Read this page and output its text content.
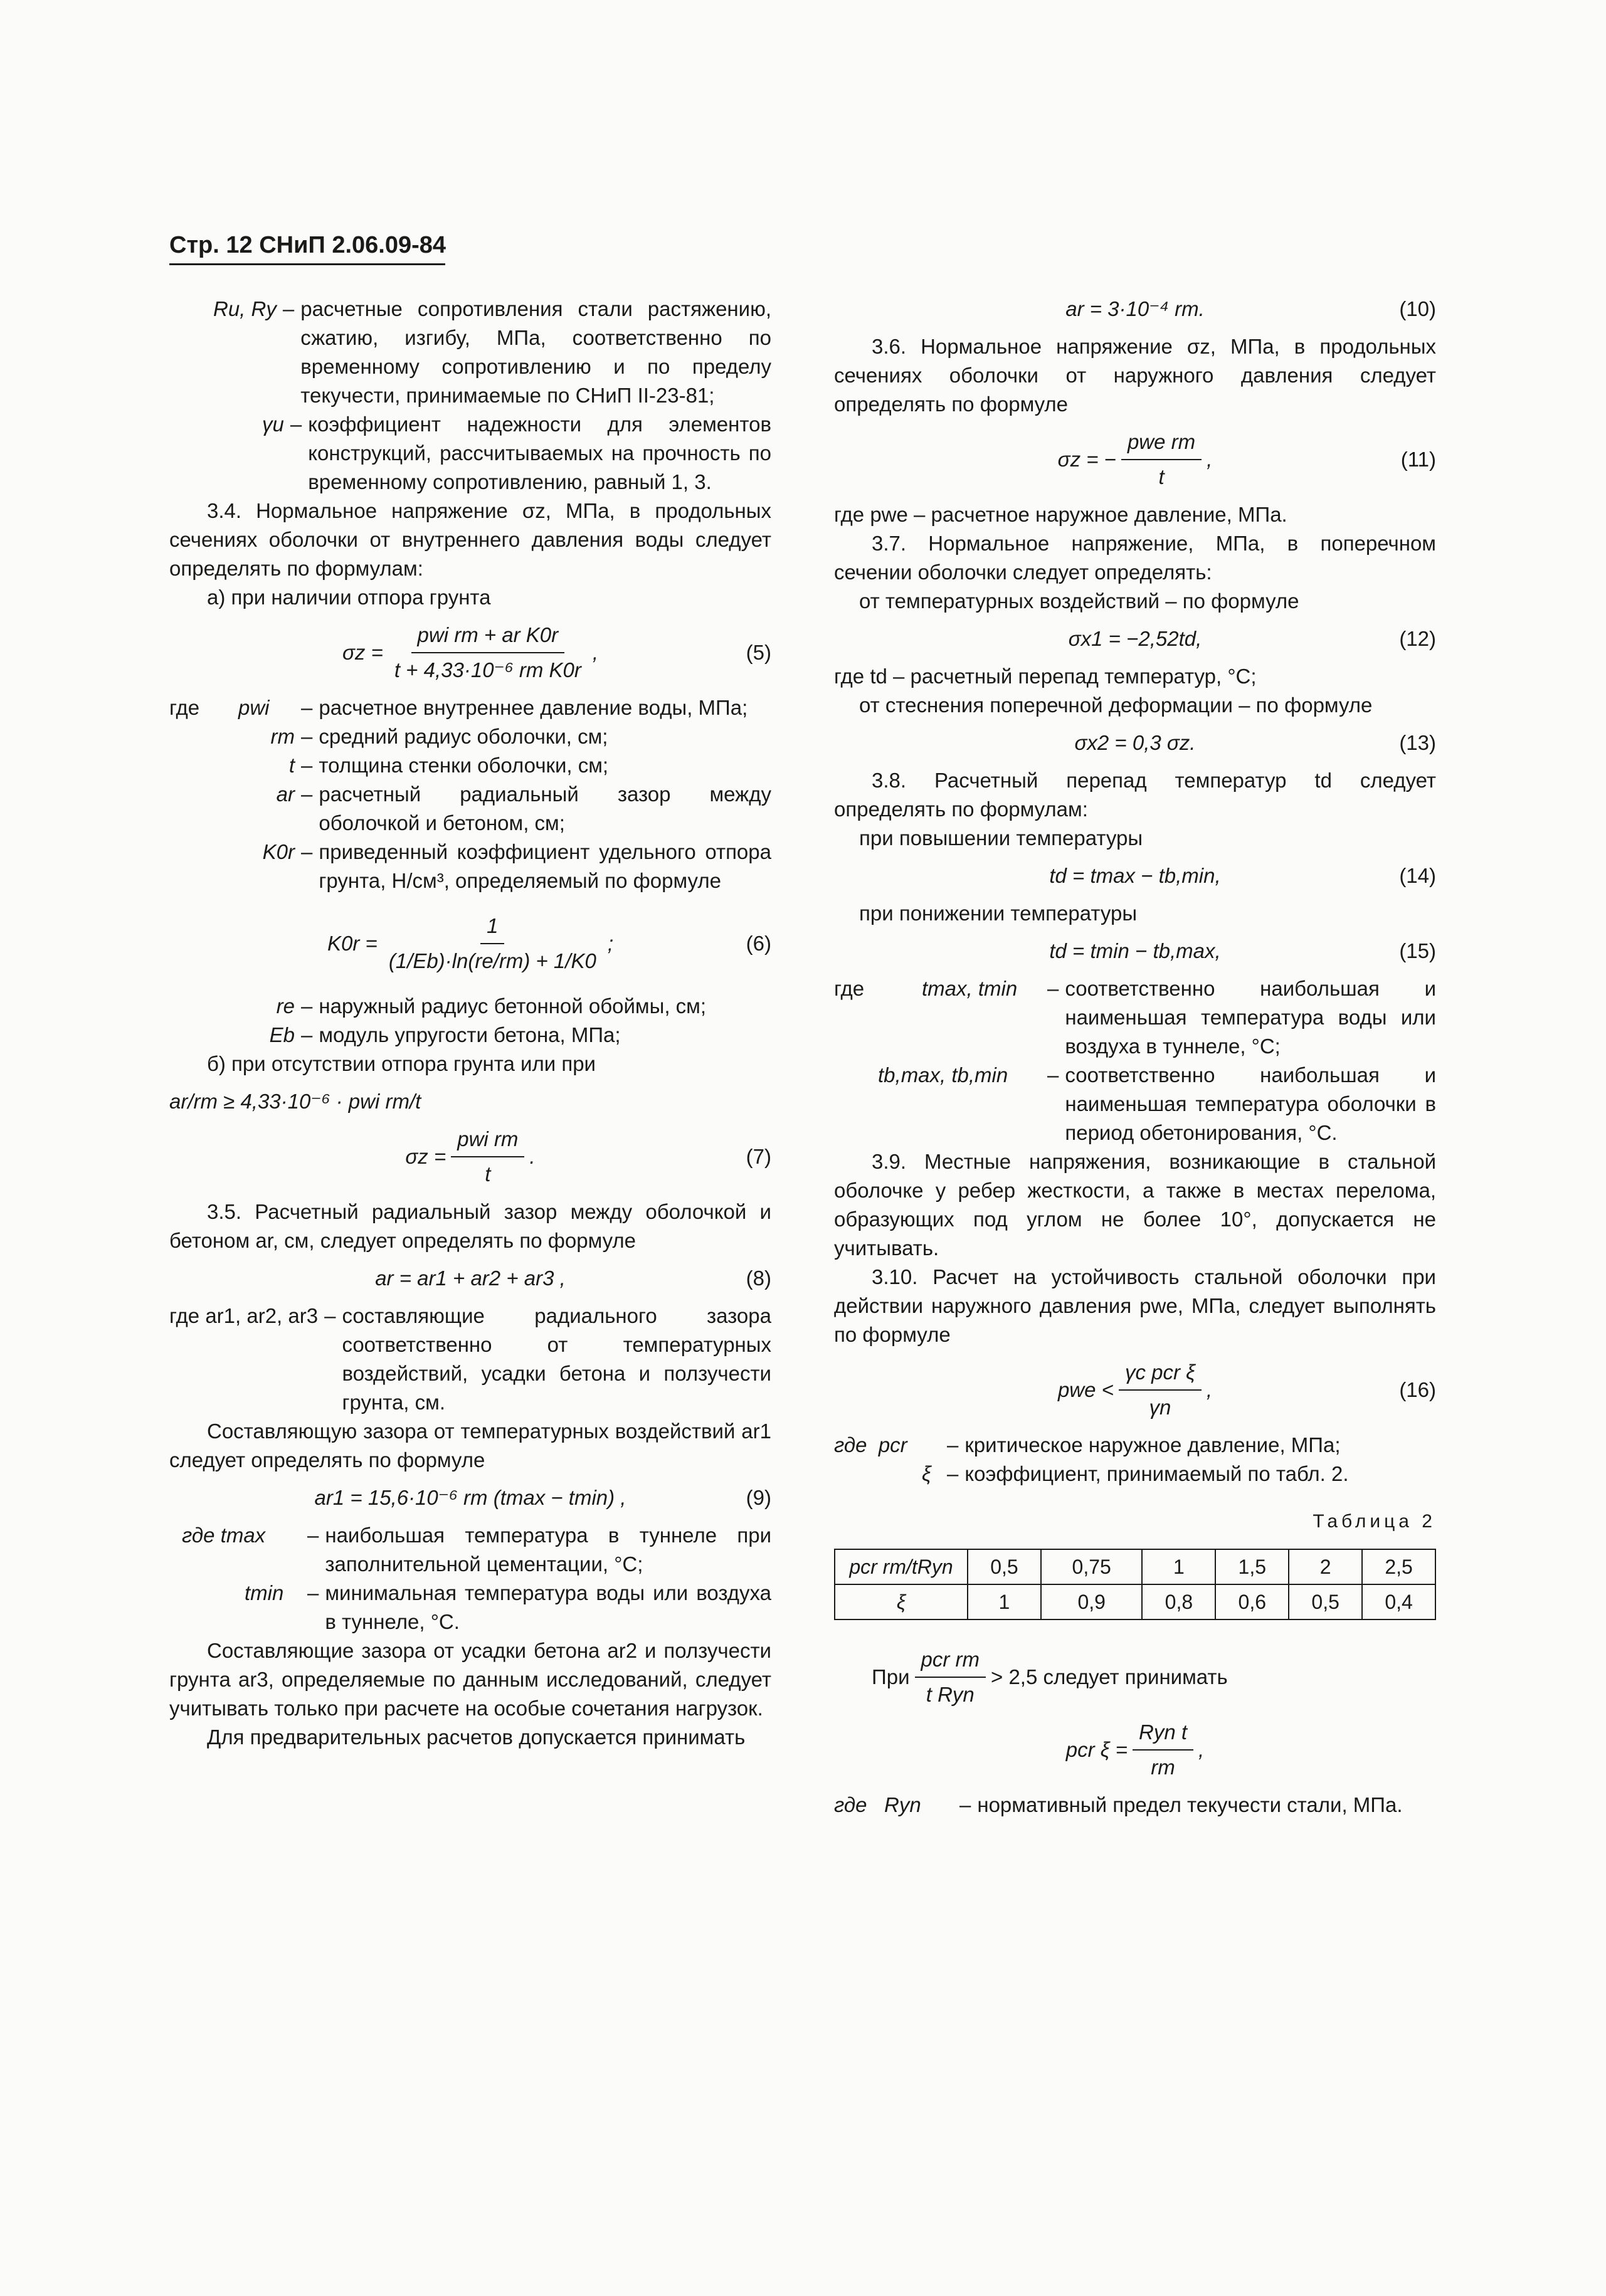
Стр. 12 СНиП 2.06.09-84
Ru, Ry – расчетные сопротивления стали растяжению, сжатию, изгибу, МПа, соответственно по временному сопротивлению и по пределу текучести, принимаемые по СНиП II-23-81;
γu – коэффициент надежности для элементов конструкций, рассчитываемых на прочность по временному сопротивлению, равный 1, 3.

3.4. Нормальное напряжение σz, МПа, в продольных сечениях оболочки от внутреннего давления воды следует определять по формулам:

а) при наличии отпора грунта

$\sigma z = \frac{\text{pwi rm + ar K0r}}{\text{t + 4,33·10⁻⁶ rm K0r}}$ ,	(5)
где	pwi	– расчетное внутреннее давление воды, МПа;
rm – средний радиус оболочки, см;
t – толщина стенки оболочки, см;
ar – расчетный радиальный зазор между оболочкой и бетоном, см;
K0r – приведенный коэффициент удельного отпора грунта, Н/см³, определяемый по формуле
$K0r = \frac{1}{(1/Eb)\cdot\ln(re/rm) + 1/K0}$ ;	(6)
re – наружный радиус бетонной обоймы, см;
Eb – модуль упругости бетона, МПа;

б) при отсутствии отпора грунта или при

ar/rm ≥ 4,33·10⁻⁶ · pwi rm/t
$\sigma z = \frac{\text{pwi rm}}{t}$ .	(7)

3.5. Расчетный радиальный зазор между оболочкой и бетоном ar, см, следует определять по формуле

ar = ar1 + ar2 + ar3 ,	(8)
где ar1, ar2, ar3 – составляющие радиального зазора соответственно от температурных воздействий, усадки бетона и ползучести грунта, см.

Составляющую зазора от температурных воздействий ar1 следует определять по формуле

ar1 = 15,6·10⁻⁶ rm (tmax − tmin) ,	(9)
где tmax	– наибольшая температура в туннеле при заполнительной цементации, °С;
tmin	– минимальная температура воды или воздуха в туннеле, °С.

Составляющие зазора от усадки бетона ar2 и ползучести грунта ar3, определяемые по данным исследований, следует учитывать только при расчете на особые сочетания нагрузок.

Для предварительных расчетов допускается принимать

ar = 3·10⁻⁴ rm.	(10)

3.6. Нормальное напряжение σz, МПа, в продольных сечениях оболочки от наружного давления следует определять по формуле

σz = − $\frac{\text{pwe rm}}{t}$ ,	(11)

где pwe – расчетное наружное давление, МПа.

3.7. Нормальное напряжение, МПа, в поперечном сечении оболочки следует определять:

от температурных воздействий – по формуле

σx1 = −2,52td,	(12)

где td – расчетный перепад температур, °С;

от стеснения поперечной деформации – по формуле

σx2 = 0,3 σz.	(13)

3.8. Расчетный перепад температур td следует определять по формулам:

при повышении температуры

td = tmax − tb,min,	(14)

при понижении температуры

td = tmin − tb,max,	(15)
где	tmax, tmin	– соответственно наибольшая и наименьшая температура воды или воздуха в туннеле, °С;
tb,max, tb,min	– соответственно наибольшая и наименьшая температура оболочки в период обетонирования, °С.

3.9. Местные напряжения, возникающие в стальной оболочке у ребер жесткости, а также в местах перелома, образующих под углом не более 10°, допускается не учитывать.

3.10. Расчет на устойчивость стальной оболочки при действии наружного давления pwe, МПа, следует выполнять по формуле

pwe < $\frac{\text{γc pcr ξ}}{\gamma n}$ ,	(16)
где  pcr	– критическое наружное давление, МПа;
ξ – коэффициент, принимаемый по табл. 2.
Таблица 2
pcr rm/tRyn	0,5	0,75	1	1,5	2	2,5
ξ	1	0,9	0,8	0,6	0,5	0,4
При $\frac{\text{pcr rm}}{\text{t Ryn}} > 2,5$ следует принимать
pcr $\xi = \frac{\text{Ryn t}}{rm}$ ,
где   Ryn	– нормативный предел текучести стали, МПа.
